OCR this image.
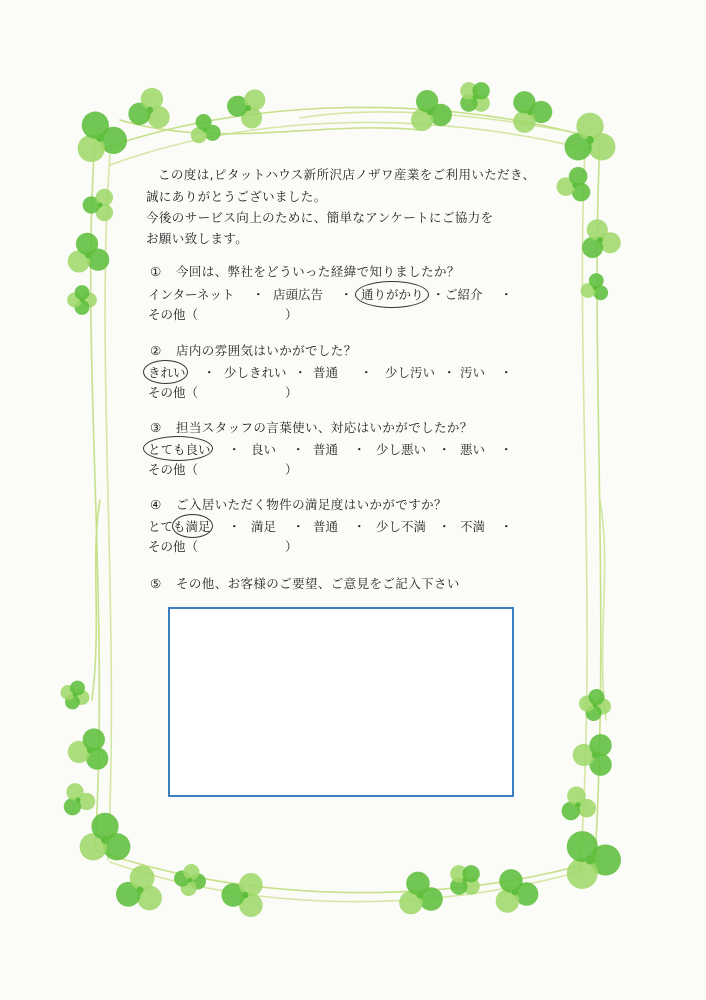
この度は,ピタットハウス新所沢店ノザワ産業をご利用いただき、
誠にありがとうございました。
今後のサービス向上のために、簡単なアンケートにご協力を
お願い致します。
① 今回は、弊社をどういった経緯で知りましたか？
インターネット ・ 店頭広告 ・ 通りがかり ・ ご紹介 ・
その他（	）
② 店内の雰囲気はいかがでした？
きれい ・ 少しきれい ・ 普通 ・ 少し汚い ・ 汚い ・
その他（	）
③ 担当スタッフの言葉使い、対応はいかがでしたか？
とても良い ・ 良い ・ 普通 ・ 少し悪い ・ 悪い ・
その他（	）
④ ご入居いただく物件の満足度はいかがですか？
とても満足 ・ 満足 ・ 普通 ・ 少し不満 ・ 不満 ・
その他（	）
⑤ その他、お客様のご要望、ご意見をご記入下さい
